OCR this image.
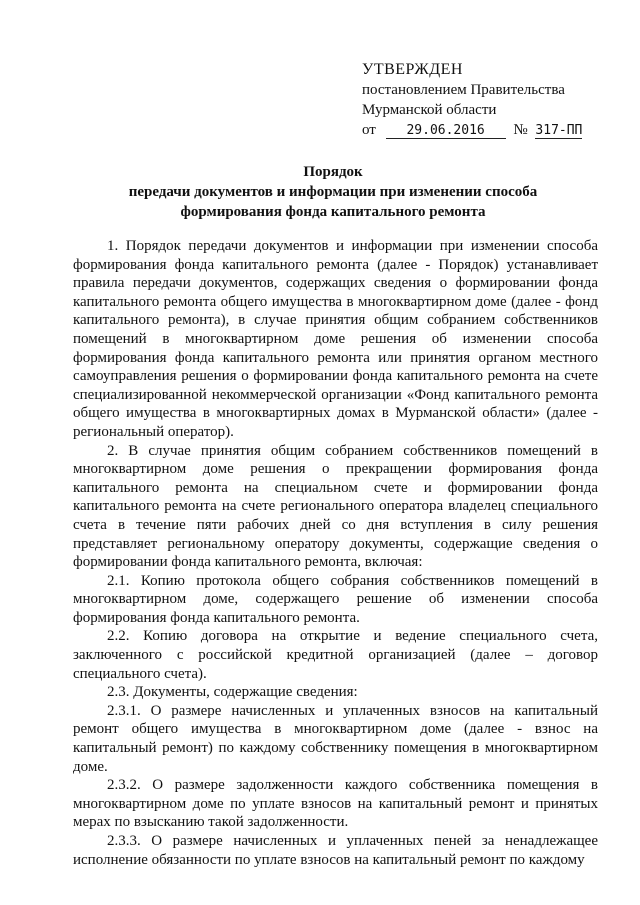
УТВЕРЖДЕН
постановлением Правительства
Мурманской области
от 29.06.2016 № 317-ПП
Порядок
передачи документов и информации при изменении способа
формирования фонда капитального ремонта

1. Порядок передачи документов и информации при изменении способа формирования фонда капитального ремонта (далее - Порядок) устанавливает правила передачи документов, содержащих сведения о формировании фонда капитального ремонта общего имущества в многоквартирном доме (далее - фонд капитального ремонта), в случае принятия общим собранием собственников помещений в многоквартирном доме решения об изменении способа формирования фонда капитального ремонта или принятия органом местного самоуправления решения о формировании фонда капитального ремонта на счете специализированной некоммерческой организации «Фонд капитального ремонта общего имущества в многоквартирных домах в Мурманской области» (далее - региональный оператор).

2. В случае принятия общим собранием собственников помещений в многоквартирном доме решения о прекращении формирования фонда капитального ремонта на специальном счете и формировании фонда капитального ремонта на счете регионального оператора владелец специального счета в течение пяти рабочих дней со дня вступления в силу решения представляет региональному оператору документы, содержащие сведения о формировании фонда капитального ремонта, включая:

2.1. Копию протокола общего собрания собственников помещений в многоквартирном доме, содержащего решение об изменении способа формирования фонда капитального ремонта.

2.2. Копию договора на открытие и ведение специального счета, заключенного с российской кредитной организацией (далее – договор специального счета).

2.3. Документы, содержащие сведения:

2.3.1. О размере начисленных и уплаченных взносов на капитальный ремонт общего имущества в многоквартирном доме (далее - взнос на капитальный ремонт) по каждому собственнику помещения в многоквартирном доме.

2.3.2. О размере задолженности каждого собственника помещения в многоквартирном доме по уплате взносов на капитальный ремонт и принятых мерах по взысканию такой задолженности.

2.3.3. О размере начисленных и уплаченных пеней за ненадлежащее исполнение обязанности по уплате взносов на капитальный ремонт по каждому
